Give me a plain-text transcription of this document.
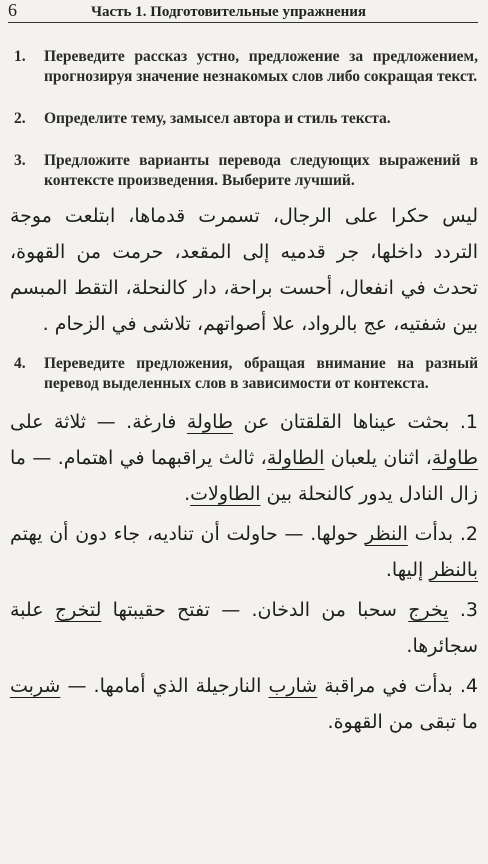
6	Часть 1. Подготовительные упражнения
1.	Переведите рассказ устно, предложение за предложением, прогнозируя значение незнакомых слов либо сокращая текст.
2.	Определите тему, замысел автора и стиль текста.
3.	Предложите варианты перевода следующих выражений в контексте произведения. Выберите лучший.
ليس حكرا على الرجال، تسمرت قدماها، ابتلعت موجة التردد داخلها، جر قدميه إلى المقعد، حرمت من القهوة، تحدث في انفعال، أحست براحة، دار كالنحلة، التقط المبسم بين شفتيه، عج بالرواد، علا أصواتهم، تلاشى في الزحام .
4.	Переведите предложения, обращая внимание на разный перевод выделенных слов в зависимости от контекста.
1. بحثت عيناها القلقتان عن طاولة فارغة. — ثلاثة على طاولة، اثنان يلعبان الطاولة، ثالث يراقبهما في اهتمام. — ما زال النادل يدور كالنحلة بين الطاولات.
2. بدأت النظر حولها. — حاولت أن تناديه، جاء دون أن يهتم بالنظر إليها.
3. يخرج سحبا من الدخان. — تفتح حقيبتها لتخرج علبة سجائرها.
4. بدأت في مراقبة شارب النارجيلة الذي أمامها. — شربت ما تبقى من القهوة.
